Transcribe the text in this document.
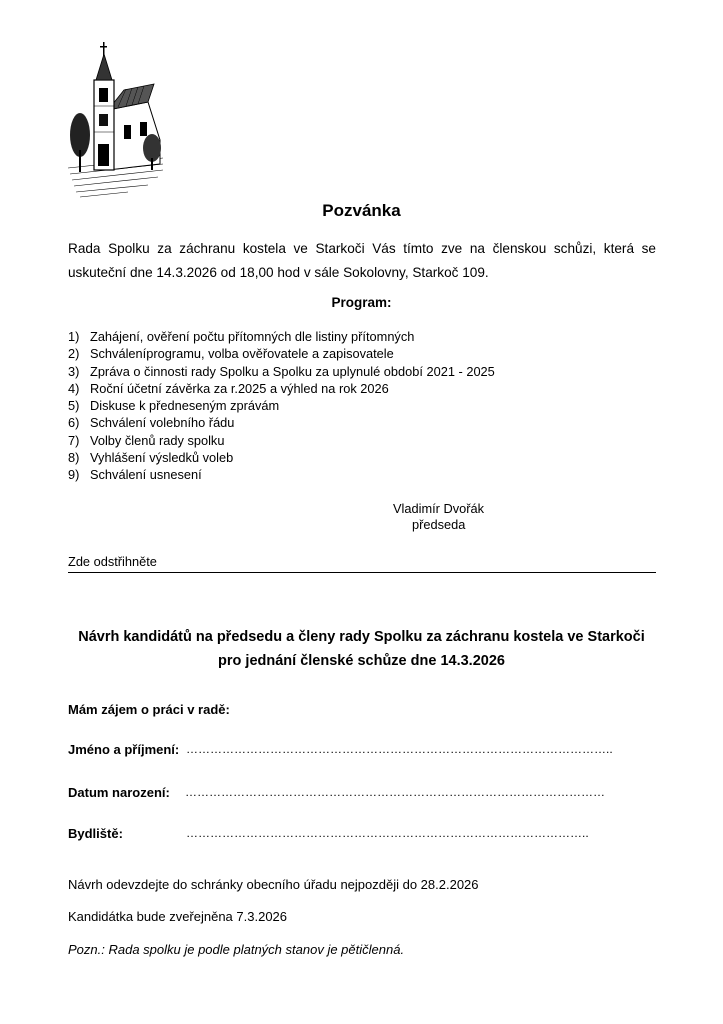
Pozvánka
Rada Spolku za záchranu kostela ve Starkoči Vás tímto zve na členskou schůzi, která se uskuteční dne 14.3.2026 od 18,00 hod v sále Sokolovny, Starkoč 109.
Program:
1) Zahájení, ověření počtu přítomných dle listiny přítomných
2) Schváleníprogramu, volba ověřovatele a zapisovatele
3) Zpráva o činnosti rady Spolku a Spolku za uplynulé období 2021 - 2025
4) Roční účetní závěrka za r.2025 a výhled na rok 2026
5) Diskuse k předneseným zprávám
6) Schválení volebního řádu
7) Volby členů rady spolku
8) Vyhlášení výsledků voleb
9) Schválení usnesení
Vladimír Dvořák
předseda
Zde odstřihněte
Návrh kandidátů na předsedu a členy rady Spolku za záchranu kostela ve Starkoči
pro jednání členské schůze dne 14.3.2026
Mám zájem o práci v radě:
Jméno a příjmení: ……………………………………………………………………………………………..
Datum narození: ……………………………………………………………………………………………
Bydliště:	………………………………………………………………………………………..
Návrh odevzdejte do schránky obecního úřadu nejpozději do 28.2.2026
Kandidátka bude zveřejněna 7.3.2026
Pozn.: Rada spolku je podle platných stanov je pětičlenná.
